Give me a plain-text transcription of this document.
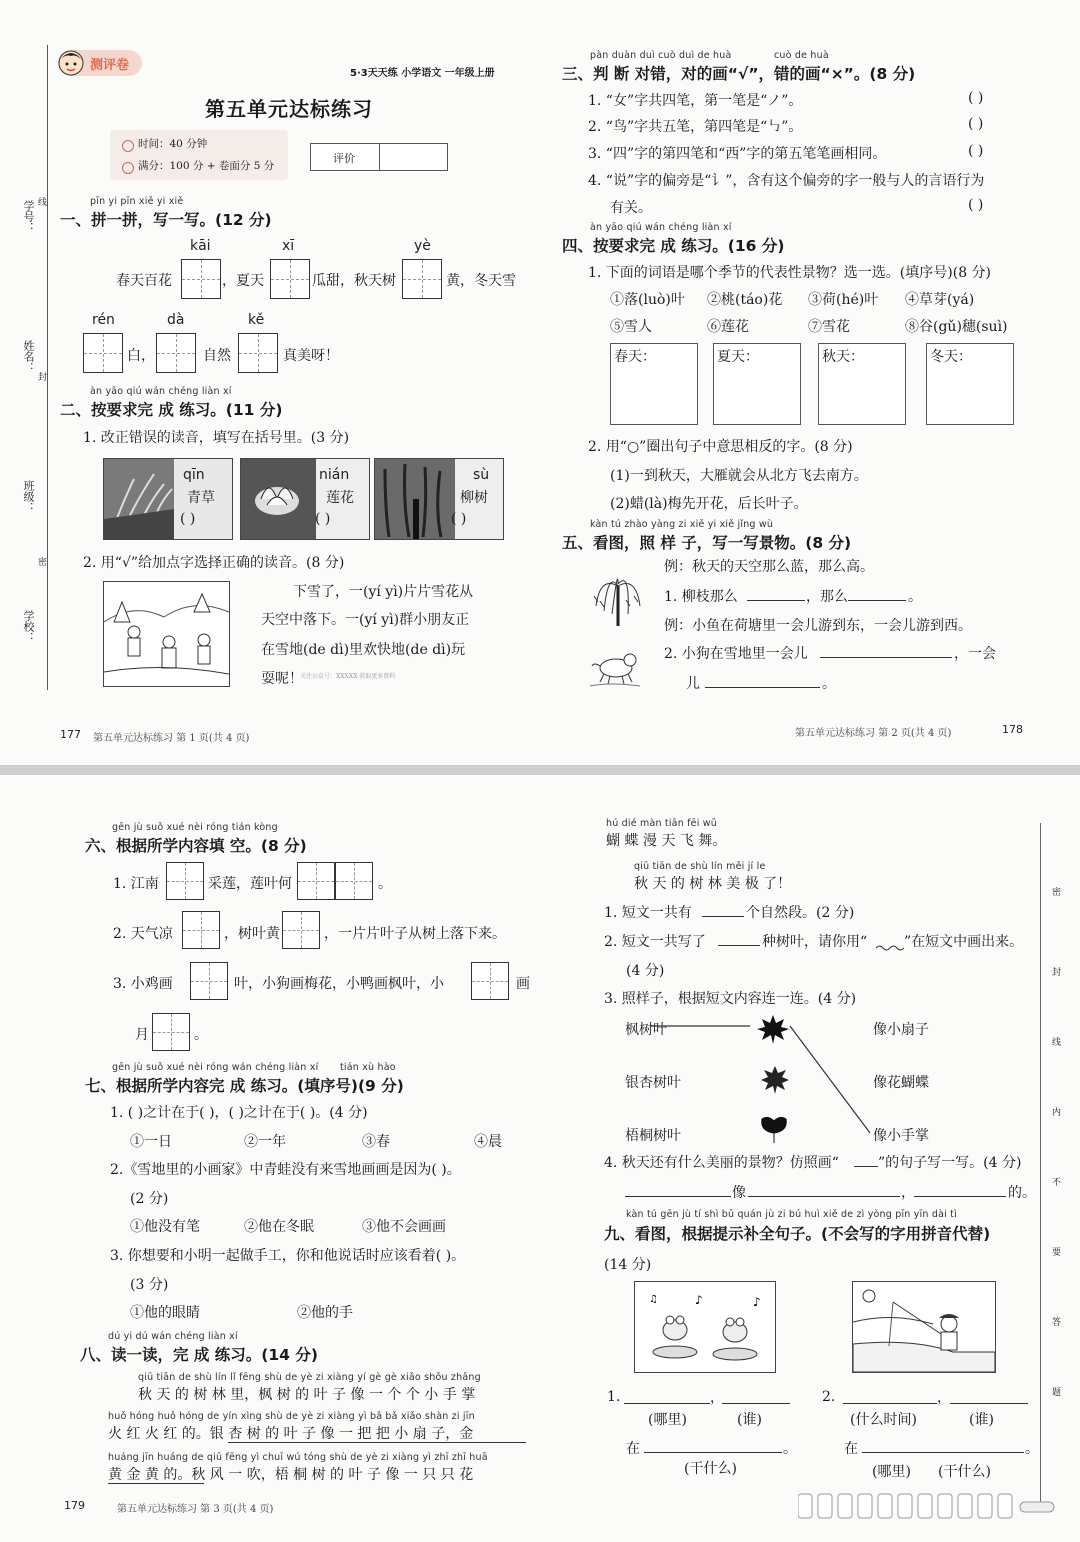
学号：
姓名：
班级：
学校：
线
封
密
测评卷
5·3天天练 小学语文 一年级上册
第五单元达标练习
时间：40 分钟
满分：100 分 + 卷面分 5 分
评价
pīn yi pīn xiě yi xiě
一、拼一拼，写一写。(12 分)
kāi	xī	yè
春天百花	，夏天	瓜甜，秋天树	黄，冬天雪
rén	dà	kě
白，	自然	真美呀！
àn yāo qiú wán chéng liàn xí
二、按要求完 成 练习。(11 分)
1. 改正错误的读音，填写在括号里。(3 分)
qīn
青草
( )
nián
莲花
( )
sù
柳树
( )
2. 用“√”给加点字选择正确的读音。(8 分)
下雪了，一(yí yì)片片雪花从
天空中落下。一(yí yì)群小朋友正
在雪地(de dì)里欢快地(de dì)玩
耍呢！
关注公众号：XXXXX 获取更多资料
177 第五单元达标练习 第 1 页(共 4 页)
pàn duàn duì cuò duì de huà	cuò de huà
三、判 断 对错，对的画“√”，错的画“×”。(8 分)
1. “女”字共四笔，第一笔是“ノ”。	( )
2. “鸟”字共五笔，第四笔是“㇉”。	( )
3. “四”字的第四笔和“西”字的第五笔笔画相同。	( )
4. “说”字的偏旁是“讠”，含有这个偏旁的字一般与人的言语行为
有关。	( )
àn yāo qiú wán chéng liàn xí
四、按要求完 成 练习。(16 分)
1. 下面的词语是哪个季节的代表性景物？选一选。(填序号)(8 分)
①落(luò)叶 ②桃(táo)花 ③荷(hé)叶 ④草芽(yá)
⑤雪人	⑥莲花	⑦雪花	⑧谷(gǔ)穗(suì)
春天：	夏天：	秋天：	冬天：
2. 用“○”圈出句子中意思相反的字。(8 分)
(1)一到秋天，大雁就会从北方飞去南方。
(2)蜡(là)梅先开花，后长叶子。
kàn tú zhào yàng zi xiě yi xiě jǐng wù
五、看图，照 样 子，写一写景物。(8 分)
例：秋天的天空那么蓝，那么高。
1. 柳枝那么	，那么	。
例：小鱼在荷塘里一会儿游到东，一会儿游到西。
2. 小狗在雪地里一会儿	，一会
儿	。
第五单元达标练习 第 2 页(共 4 页)	178
gēn jù suǒ xué nèi róng tián kòng
六、根据所学内容填 空。(8 分)
1. 江南	采莲，莲叶何	。
2. 天气凉	，树叶黄	，一片片叶子从树上落下来。
3. 小鸡画	叶，小狗画梅花，小鸭画枫叶，小	画
月	。
gēn jù suǒ xué nèi róng wán chéng liàn xí tián xù hào
七、根据所学内容完 成 练习。(填序号)(9 分)
1. ( )之计在于( )，( )之计在于( )。(4 分)
①一日	②一年	③春	④晨
2.《雪地里的小画家》中青蛙没有来雪地画画是因为( )。
(2 分)
①他没有笔	②他在冬眠	③他不会画画
3. 你想要和小明一起做手工，你和他说话时应该看着( )。
(3 分)
①他的眼睛	②他的手
dú yi dú wán chéng liàn xí
八、读一读，完 成 练习。(14 分)
qiū tiān de shù lín lǐ fēng shù de yè zi xiàng yí gè gè xiǎo shǒu zhǎng
秋 天 的 树 林 里，枫 树 的 叶 子 像 一 个 个 小 手 掌
huǒ hóng huǒ hóng de yín xìng shù de yè zi xiàng yì bǎ bǎ xiǎo shàn zi jīn
火 红 火 红 的。银 杏 树 的 叶 子 像 一 把 把 小 扇 子，金
huáng jīn huáng de qiū fēng yì chuī wú tóng shù de yè zi xiàng yì zhī zhī huā
黄 金 黄 的。秋 风 一 吹，梧 桐 树 的 叶 子 像 一 只 只 花
179	第五单元达标练习 第 3 页(共 4 页)
hú dié màn tiān fēi wǔ
蝴 蝶 漫 天 飞 舞。
qiū tiān de shù lín měi jí le
秋 天 的 树 林 美 极 了！
1. 短文一共有	个自然段。(2 分)
2. 短文一共写了	种树叶，请你用“	”在短文中画出来。
(4 分)
3. 照样子，根据短文内容连一连。(4 分)
枫树叶
银杏树叶
梧桐树叶
像小扇子
像花蝴蝶
像小手掌
4. 秋天还有什么美丽的景物？仿照画“	”的句子写一写。(4 分)
像	，	的。
kàn tú gēn jù tí shì bǔ quán jù zi bú huì xiě de zì yòng pīn yīn dài tì
九、看图，根据提示补全句子。(不会写的字用拼音代替)
(14 分)
♪	♪
♫
1.	，
(哪里)	(谁)
在	。
(干什么)
2.	，
(什么时间)	(谁)
在	。
(哪里) (干什么)
密
封
线
内
不
要
答
题
